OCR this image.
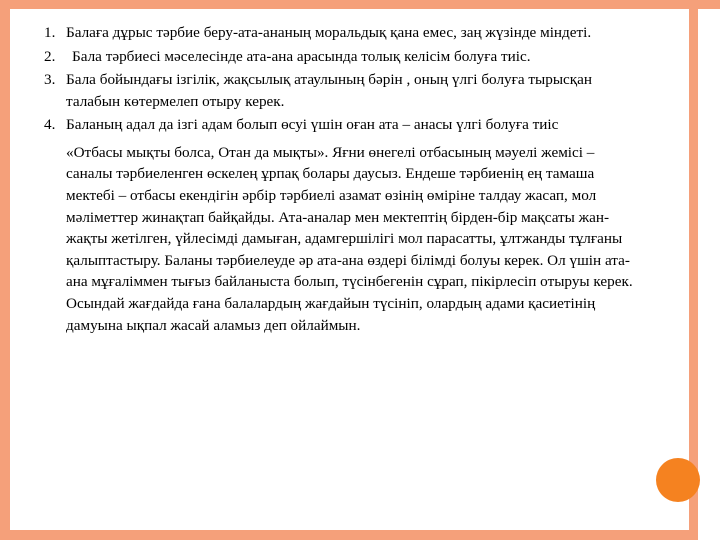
1. Балаға дұрыс тәрбие беру-ата-ананың моральдық қана емес, заң жүзінде міндеті.

2. Бала тәрбиесі мәселесінде ата-ана арасында толық келісім болуға тиіс.

3. Бала бойындағы ізгілік, жақсылық атаулының бәрін , оның үлгі болуға тырысқан талабын көтермелеп отыру керек.

4. Баланың адал да ізгі адам болып өсуі үшін оған ата – анасы үлгі болуға тиіс

«Отбасы мықты болса, Отан да мықты». Яғни өнегелі отбасының мәуелі жемісі – саналы тәрбиеленген өскелең ұрпақ болары даусыз. Ендеше тәрбиенің ең тамаша мектебі – отбасы екендігін әрбір тәрбиелі азамат өзінің өміріне талдау жасап, мол мәліметтер жинақтап байқайды. Ата-аналар мен мектептің бірден-бір мақсаты жан-жақты жетілген, үйлесімді дамыған, адамгершілігі мол парасатты, ұлтжанды тұлғаны қалыптастыру. Баланы тәрбиелеуде әр ата-ана өздері білімді болуы керек. Ол үшін ата-ана мұғаліммен тығыз байланыста болып, түсінбегенін сұрап, пікірлесіп отыруы керек. Осындай жағдайда ғана балалардың жағдайын түсініп, олардың адами қасиетінің дамуына ықпал жасай аламыз деп ойлаймын.
